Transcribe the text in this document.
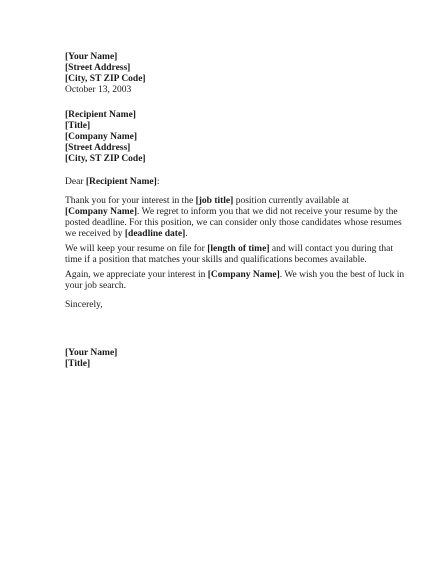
[Your Name]
[Street Address]
[City, ST ZIP Code]
October 13, 2003
[Recipient Name]
[Title]
[Company Name]
[Street Address]
[City, ST ZIP Code]
Dear [Recipient Name]:
Thank you for your interest in the [job title] position currently available at
[Company Name]. We regret to inform you that we did not receive your resume by the
posted deadline. For this position, we can consider only those candidates whose resumes
we received by [deadline date].
We will keep your resume on file for [length of time] and will contact you during that
time if a position that matches your skills and qualifications becomes available.
Again, we appreciate your interest in [Company Name]. We wish you the best of luck in
your job search.
Sincerely,
[Your Name]
[Title]
